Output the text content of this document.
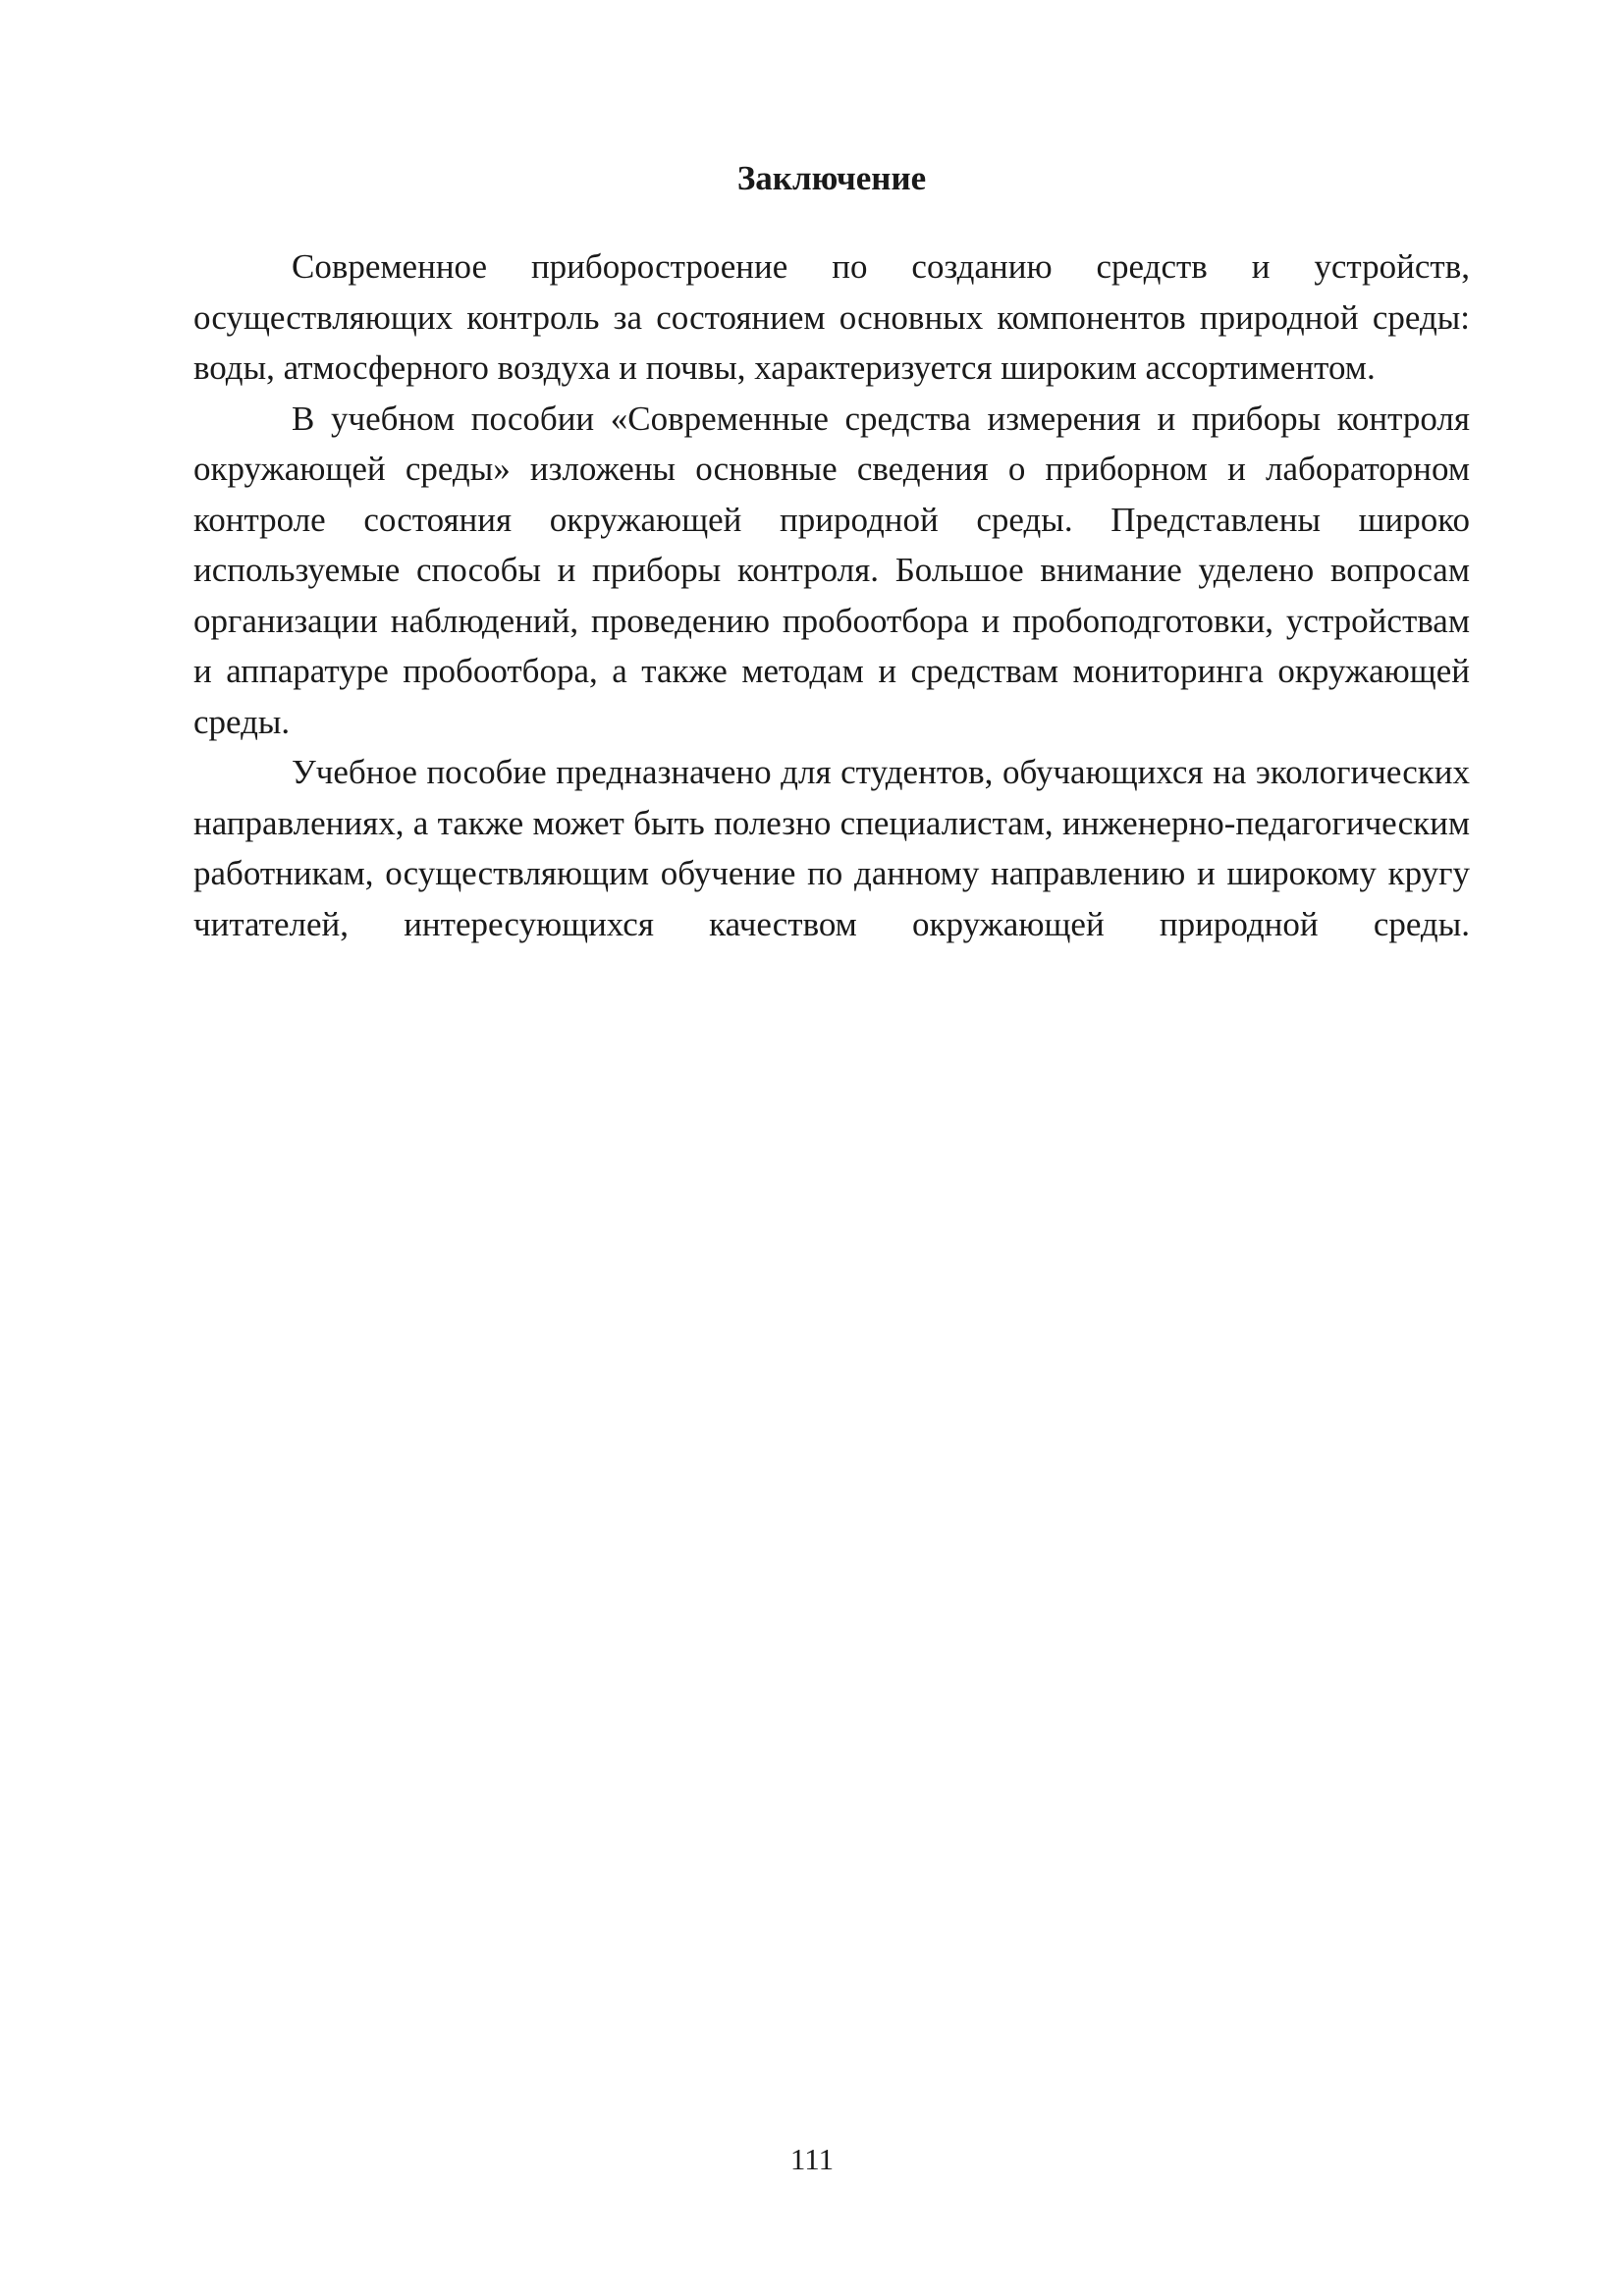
Заключение

Современное приборостроение по созданию средств и устройств, осуществляющих контроль за состоянием основных компонентов природной среды: воды, атмосферного воздуха и почвы, характеризуется широким ассортиментом.

В учебном пособии «Современные средства измерения и приборы контроля окружающей среды» изложены основные сведения о приборном и лабораторном контроле состояния окружающей природной среды. Представлены широко используемые способы и приборы контроля. Большое внимание уделено вопросам организации наблюдений, проведению пробоотбора и пробоподготовки, устройствам и аппаратуре пробоотбора, а также методам и средствам мониторинга окружающей среды.

Учебное пособие предназначено для студентов, обучающихся на экологических направлениях, а также может быть полезно специалистам, инженерно-педагогическим работникам, осуществляющим обучение по данному направлению и широкому кругу читателей, интересующихся качеством окружающей природной среды.

111
